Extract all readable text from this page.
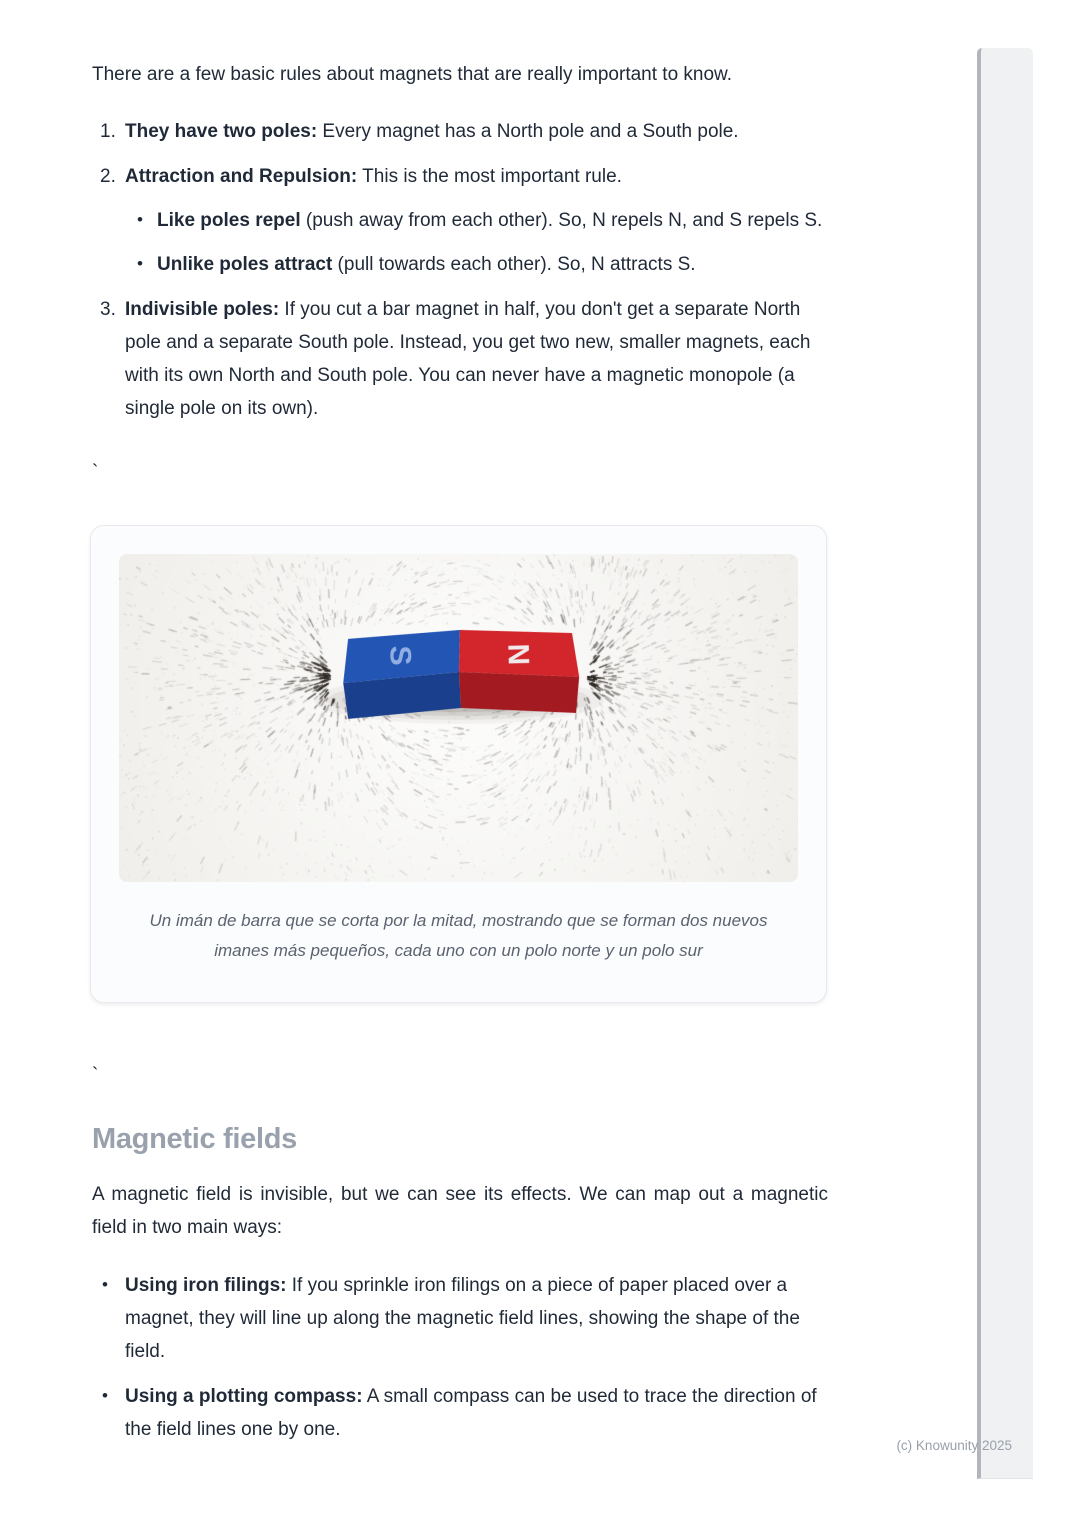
There are a few basic rules about magnets that are really important to know.

1. They have two poles: Every magnet has a North pole and a South pole.
2. Attraction and Repulsion: This is the most important rule.
• Like poles repel (push away from each other). So, N repels N, and S repels S.
• Unlike poles attract (pull towards each other). So, N attracts S.
3. Indivisible poles: If you cut a bar magnet in half, you don't get a separate North pole and a separate South pole. Instead, you get two new, smaller magnets, each with its own North and South pole. You can never have a magnetic monopole (a single pole on its own).

`

S	N
Un imán de barra que se corta por la mitad, mostrando que se forman dos nuevos imanes más pequeños, cada uno con un polo norte y un polo sur

`

Magnetic fields

A magnetic field is invisible, but we can see its effects. We can map out a magnetic field in two main ways:

• Using iron filings: If you sprinkle iron filings on a piece of paper placed over a magnet, they will line up along the magnetic field lines, showing the shape of the field.
• Using a plotting compass: A small compass can be used to trace the direction of the field lines one by one.
(c) Knowunity 2025
